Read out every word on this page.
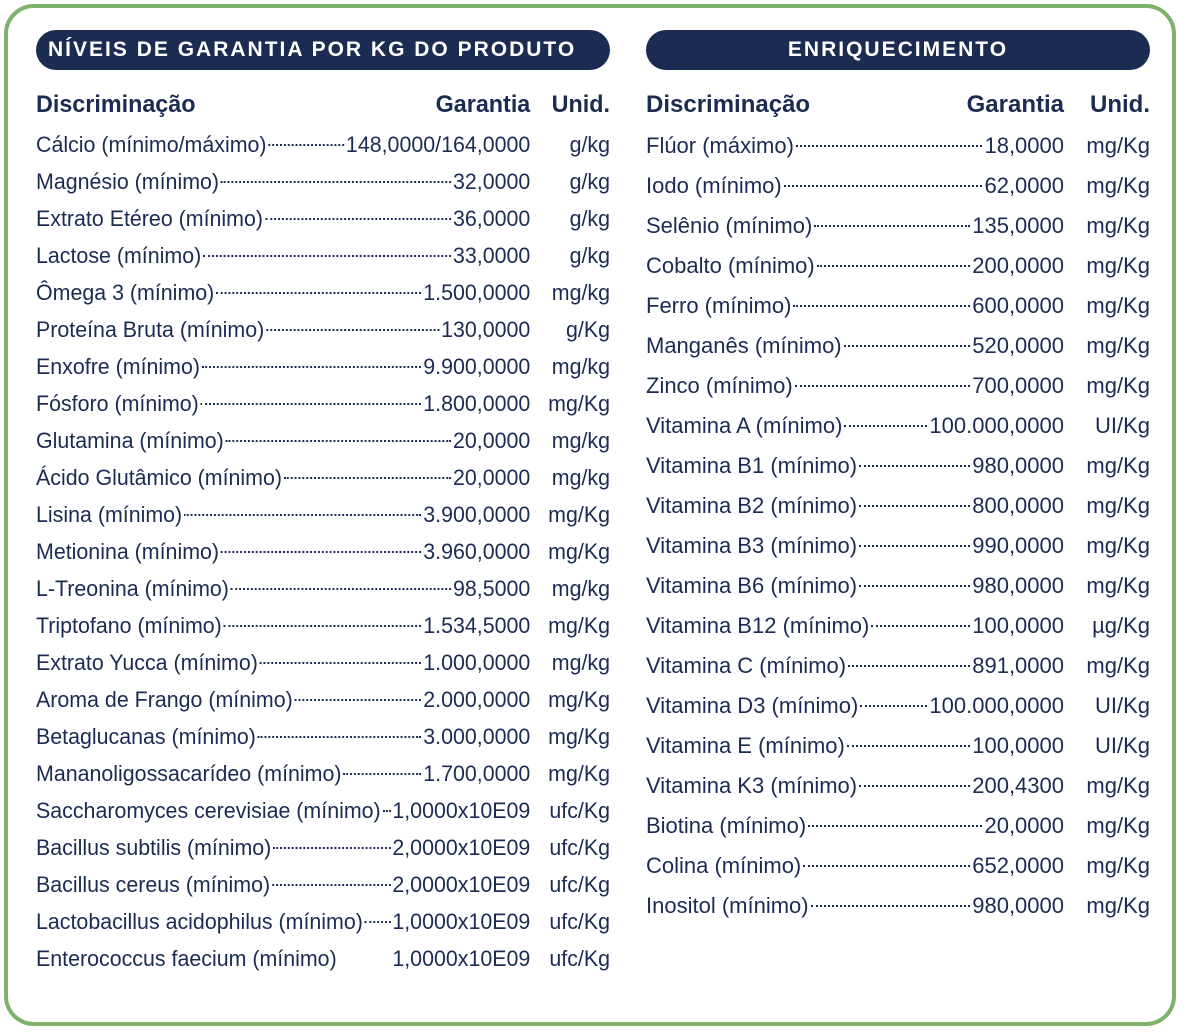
NÍVEIS DE GARANTIA POR KG DO PRODUTO
Discriminação	Garantia Unid.
Cálcio (mínimo/máximo)	148,0000/164,0000	g/kg
Magnésio (mínimo)	32,0000	g/kg
Extrato Etéreo (mínimo)	36,0000	g/kg
Lactose (mínimo)	33,0000	g/kg
Ômega 3 (mínimo)	1.500,0000 mg/kg
Proteína Bruta (mínimo)	130,0000	g/Kg
Enxofre (mínimo)	9.900,0000 mg/kg
Fósforo (mínimo)	1.800,0000 mg/Kg
Glutamina (mínimo)	20,0000 mg/kg
Ácido Glutâmico (mínimo)	20,0000 mg/kg
Lisina (mínimo)	3.900,0000 mg/Kg
Metionina (mínimo)	3.960,0000 mg/Kg
L-Treonina (mínimo)	98,5000 mg/kg
Triptofano (mínimo)	1.534,5000 mg/Kg
Extrato Yucca (mínimo)	1.000,0000 mg/kg
Aroma de Frango (mínimo)	2.000,0000 mg/Kg
Betaglucanas (mínimo)	3.000,0000 mg/Kg
Mananoligossacarídeo (mínimo)	1.700,0000 mg/Kg
Saccharomyces cerevisiae (mínimo) 1,0000x10E09 ufc/Kg
Bacillus subtilis (mínimo)	2,0000x10E09 ufc/Kg
Bacillus cereus (mínimo)	2,0000x10E09 ufc/Kg
Lactobacillus acidophilus (mínimo) 1,0000x10E09 ufc/Kg
Enterococcus faecium (mínimo)	1,0000x10E09 ufc/Kg
ENRIQUECIMENTO
Discriminação	Garantia	Unid.
Flúor (máximo)	18,0000	mg/Kg
Iodo (mínimo)	62,0000	mg/Kg
Selênio (mínimo)	135,0000	mg/Kg
Cobalto (mínimo)	200,0000	mg/Kg
Ferro (mínimo)	600,0000	mg/Kg
Manganês (mínimo)	520,0000	mg/Kg
Zinco (mínimo)	700,0000	mg/Kg
Vitamina A (mínimo)	100.000,0000	UI/Kg
Vitamina B1 (mínimo)	980,0000	mg/Kg
Vitamina B2 (mínimo)	800,0000	mg/Kg
Vitamina B3 (mínimo)	990,0000	mg/Kg
Vitamina B6 (mínimo)	980,0000	mg/Kg
Vitamina B12 (mínimo)	100,0000	µg/Kg
Vitamina C (mínimo)	891,0000	mg/Kg
Vitamina D3 (mínimo)	100.000,0000	UI/Kg
Vitamina E (mínimo)	100,0000	UI/Kg
Vitamina K3 (mínimo)	200,4300	mg/Kg
Biotina (mínimo)	20,0000	mg/Kg
Colina (mínimo)	652,0000	mg/Kg
Inositol (mínimo)	980,0000	mg/Kg
